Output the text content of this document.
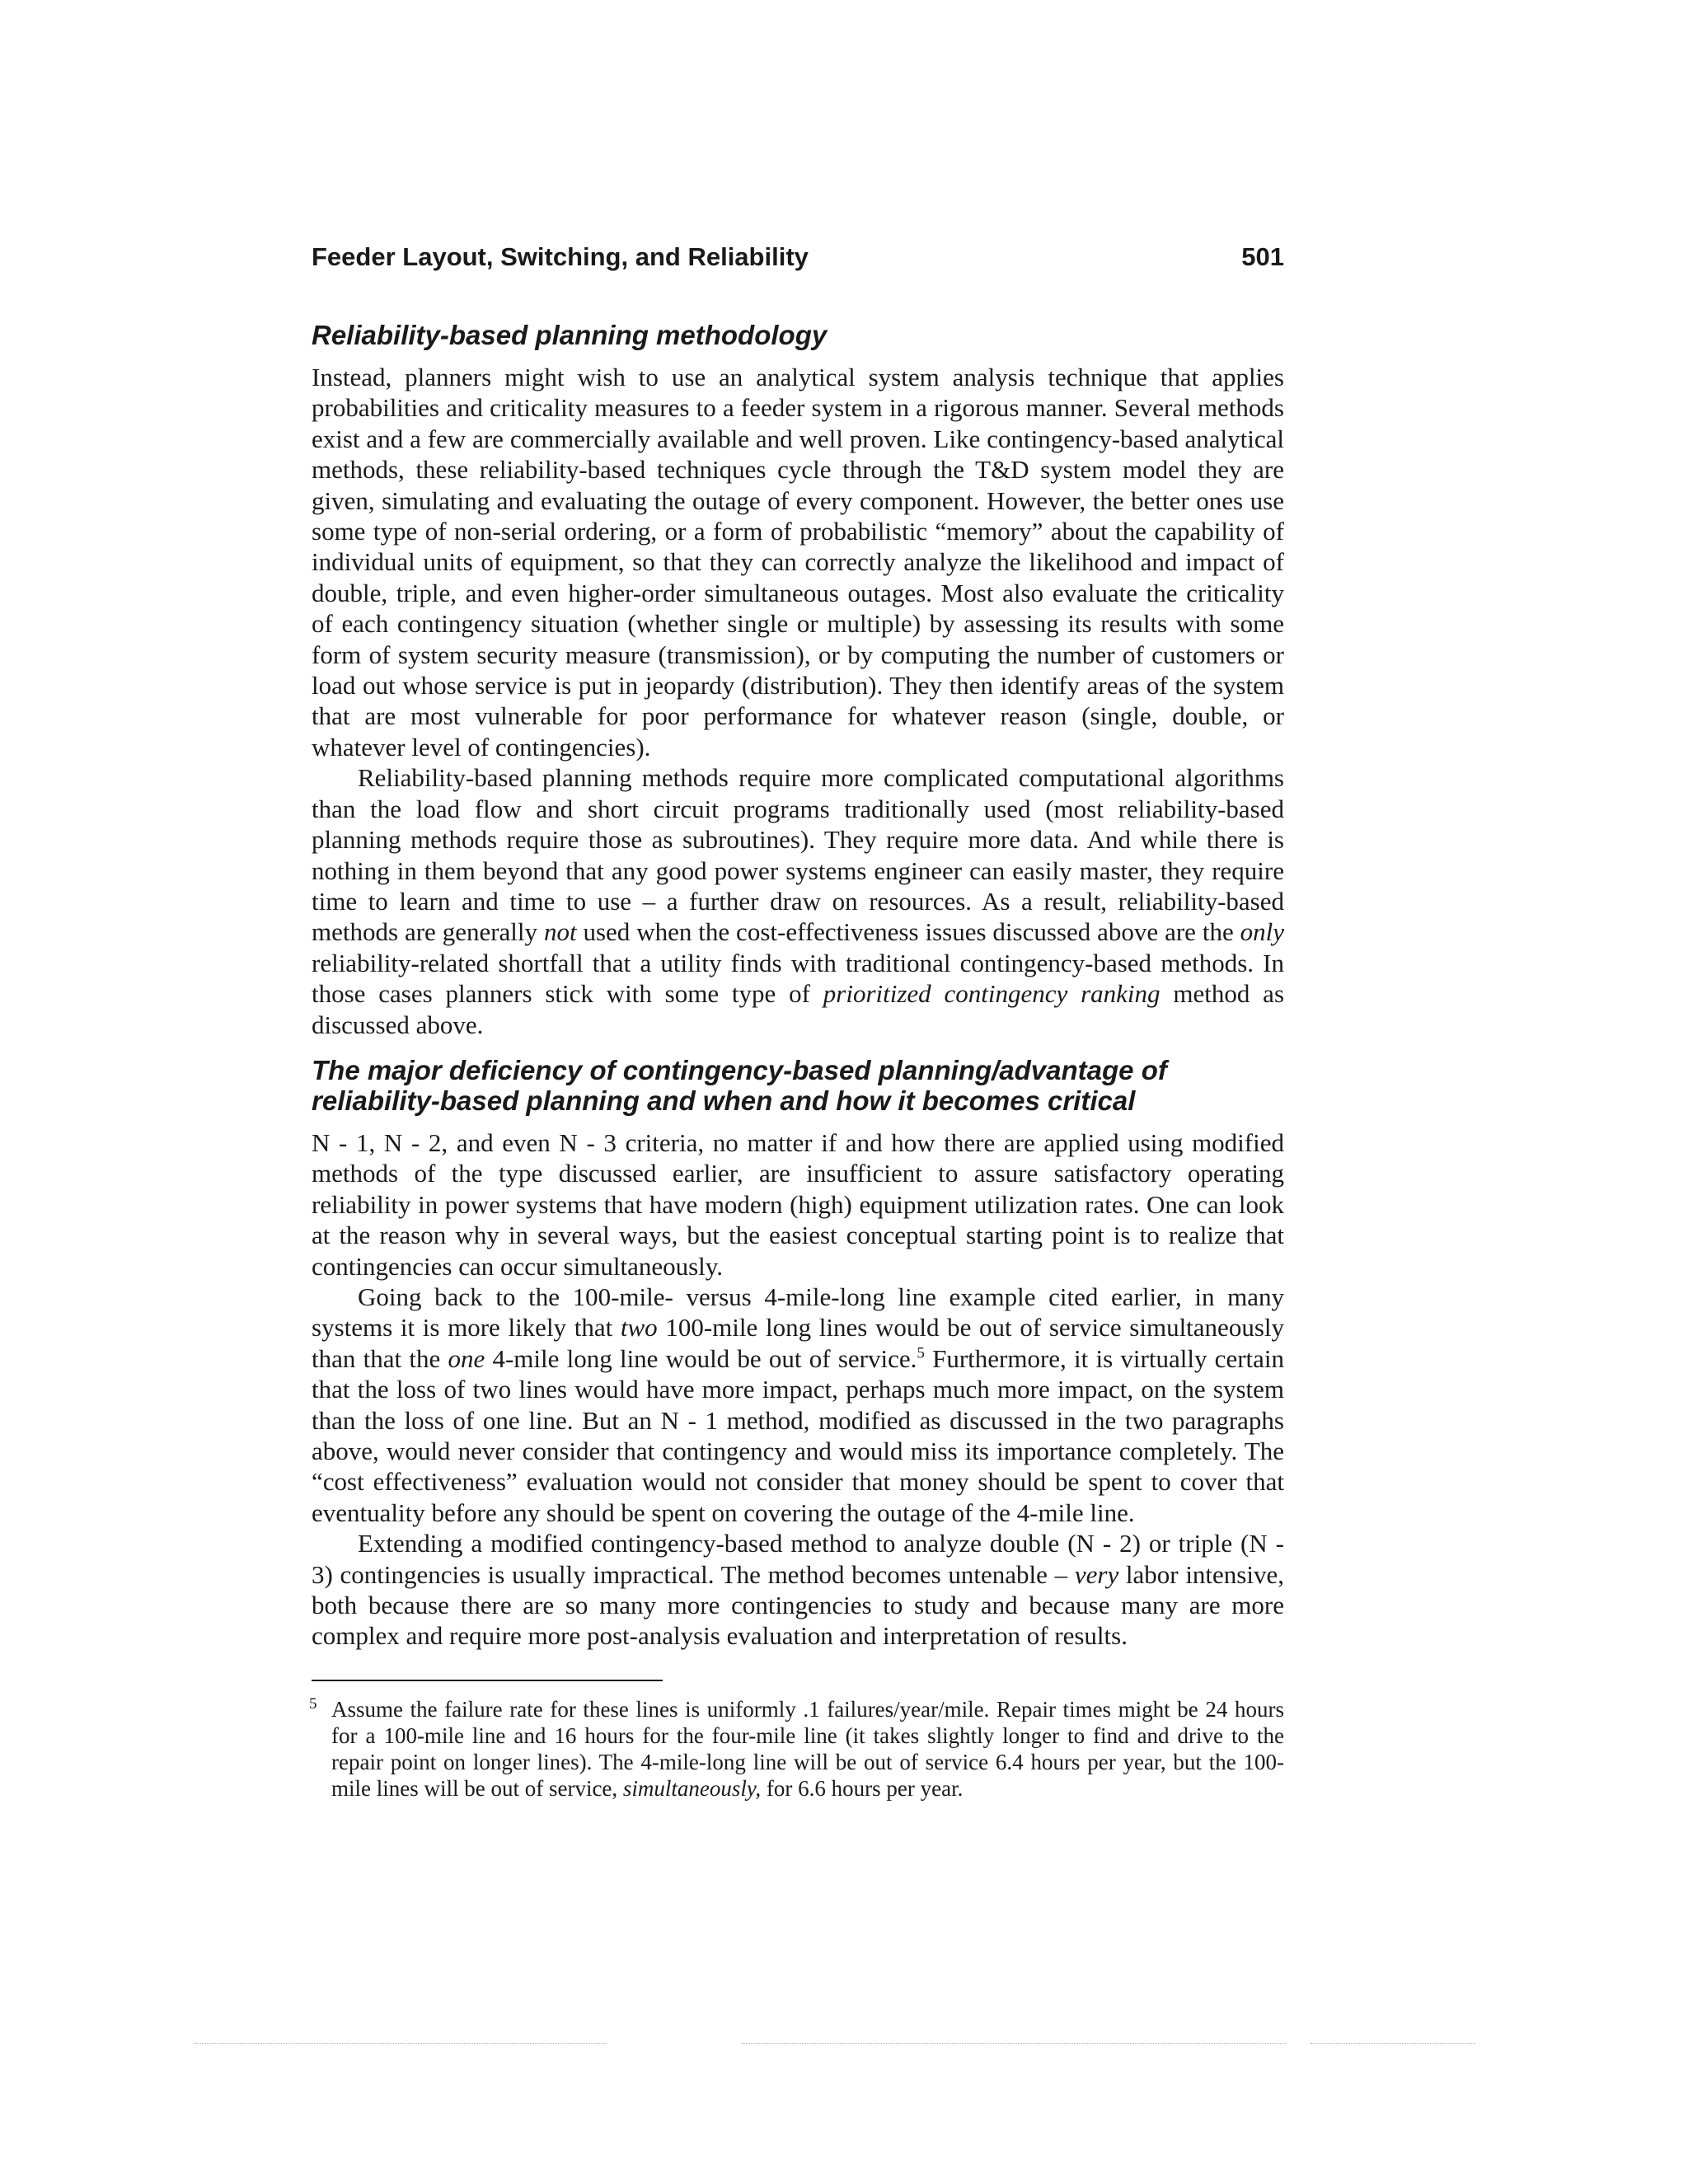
Feeder Layout, Switching, and Reliability	501
Reliability-based planning methodology

Instead, planners might wish to use an analytical system analysis technique that applies probabilities and criticality measures to a feeder system in a rigorous manner. Several methods exist and a few are commercially available and well proven. Like contingency-based analytical methods, these reliability-based techniques cycle through the T&D system model they are given, simulating and evaluating the outage of every component. However, the better ones use some type of non-serial ordering, or a form of probabilistic “memory” about the capability of individual units of equipment, so that they can correctly analyze the likelihood and impact of double, triple, and even higher-order simultaneous outages. Most also evaluate the criticality of each contingency situation (whether single or multiple) by assessing its results with some form of system security measure (transmission), or by computing the number of customers or load out whose service is put in jeopardy (distribution). They then identify areas of the system that are most vulnerable for poor performance for whatever reason (single, double, or whatever level of contingencies).

Reliability-based planning methods require more complicated computational algorithms than the load flow and short circuit programs traditionally used (most reliability-based planning methods require those as subroutines). They require more data. And while there is nothing in them beyond that any good power systems engineer can easily master, they require time to learn and time to use – a further draw on resources. As a result, reliability-based methods are generally not used when the cost-effectiveness issues discussed above are the only reliability-related shortfall that a utility finds with traditional contingency-based methods. In those cases planners stick with some type of prioritized contingency ranking method as discussed above.

The major deficiency of contingency-based planning/advantage of
reliability-based planning and when and how it becomes critical

N - 1, N - 2, and even N - 3 criteria, no matter if and how there are applied using modified methods of the type discussed earlier, are insufficient to assure satisfactory operating reliability in power systems that have modern (high) equipment utilization rates. One can look at the reason why in several ways, but the easiest conceptual starting point is to realize that contingencies can occur simultaneously.

Going back to the 100-mile- versus 4-mile-long line example cited earlier, in many systems it is more likely that two 100-mile long lines would be out of service simultaneously than that the one 4-mile long line would be out of service.$^5$ Furthermore, it is virtually certain that the loss of two lines would have more impact, perhaps much more impact, on the system than the loss of one line. But an N - 1 method, modified as discussed in the two paragraphs above, would never consider that contingency and would miss its importance completely. The “cost effectiveness” evaluation would not consider that money should be spent to cover that eventuality before any should be spent on covering the outage of the 4-mile line.

Extending a modified contingency-based method to analyze double (N - 2) or triple (N - 3) contingencies is usually impractical. The method becomes untenable – very labor intensive, both because there are so many more contingencies to study and because many are more complex and require more post-analysis evaluation and interpretation of results.

5 Assume the failure rate for these lines is uniformly .1 failures/year/mile. Repair times might be 24 hours for a 100-mile line and 16 hours for the four-mile line (it takes slightly longer to find and drive to the repair point on longer lines). The 4-mile-long line will be out of service 6.4 hours per year, but the 100-mile lines will be out of service, simultaneously, for 6.6 hours per year.
